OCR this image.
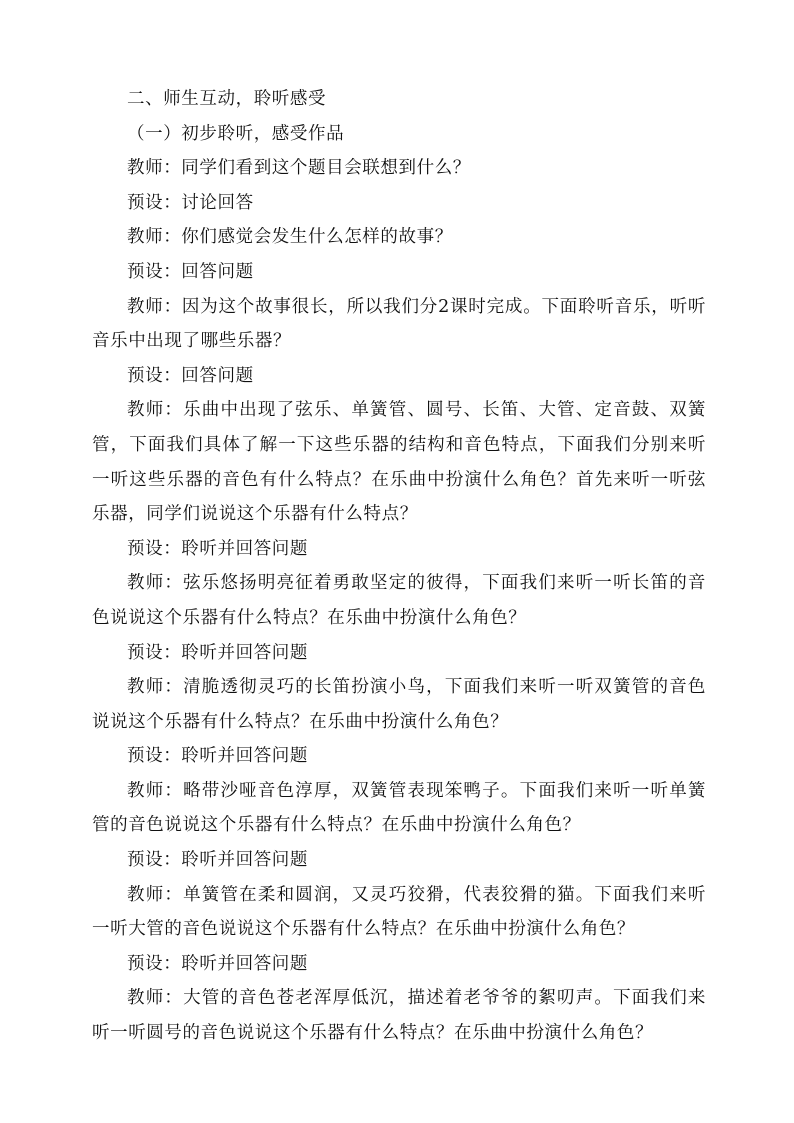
二、师生互动，聆听感受

（一）初步聆听，感受作品

教师：同学们看到这个题目会联想到什么？

预设：讨论回答

教师：你们感觉会发生什么怎样的故事？

预设：回答问题

教师：因为这个故事很长，所以我们分2课时完成。下面聆听音乐，听听音乐中出现了哪些乐器？

预设：回答问题

教师：乐曲中出现了弦乐、单簧管、圆号、长笛、大管、定音鼓、双簧管，下面我们具体了解一下这些乐器的结构和音色特点，下面我们分别来听一听这些乐器的音色有什么特点？在乐曲中扮演什么角色？首先来听一听弦乐器，同学们说说这个乐器有什么特点？

预设：聆听并回答问题

教师：弦乐悠扬明亮征着勇敢坚定的彼得，下面我们来听一听长笛的音色说说这个乐器有什么特点？在乐曲中扮演什么角色？

预设：聆听并回答问题

教师：清脆透彻灵巧的长笛扮演小鸟，下面我们来听一听双簧管的音色说说这个乐器有什么特点？在乐曲中扮演什么角色？

预设：聆听并回答问题

教师：略带沙哑音色淳厚，双簧管表现笨鸭子。下面我们来听一听单簧管的音色说说这个乐器有什么特点？在乐曲中扮演什么角色？

预设：聆听并回答问题

教师：单簧管在柔和圆润，又灵巧狡猾，代表狡猾的猫。下面我们来听一听大管的音色说说这个乐器有什么特点？在乐曲中扮演什么角色？

预设：聆听并回答问题

教师：大管的音色苍老浑厚低沉，描述着老爷爷的絮叨声。下面我们来听一听圆号的音色说说这个乐器有什么特点？在乐曲中扮演什么角色？
